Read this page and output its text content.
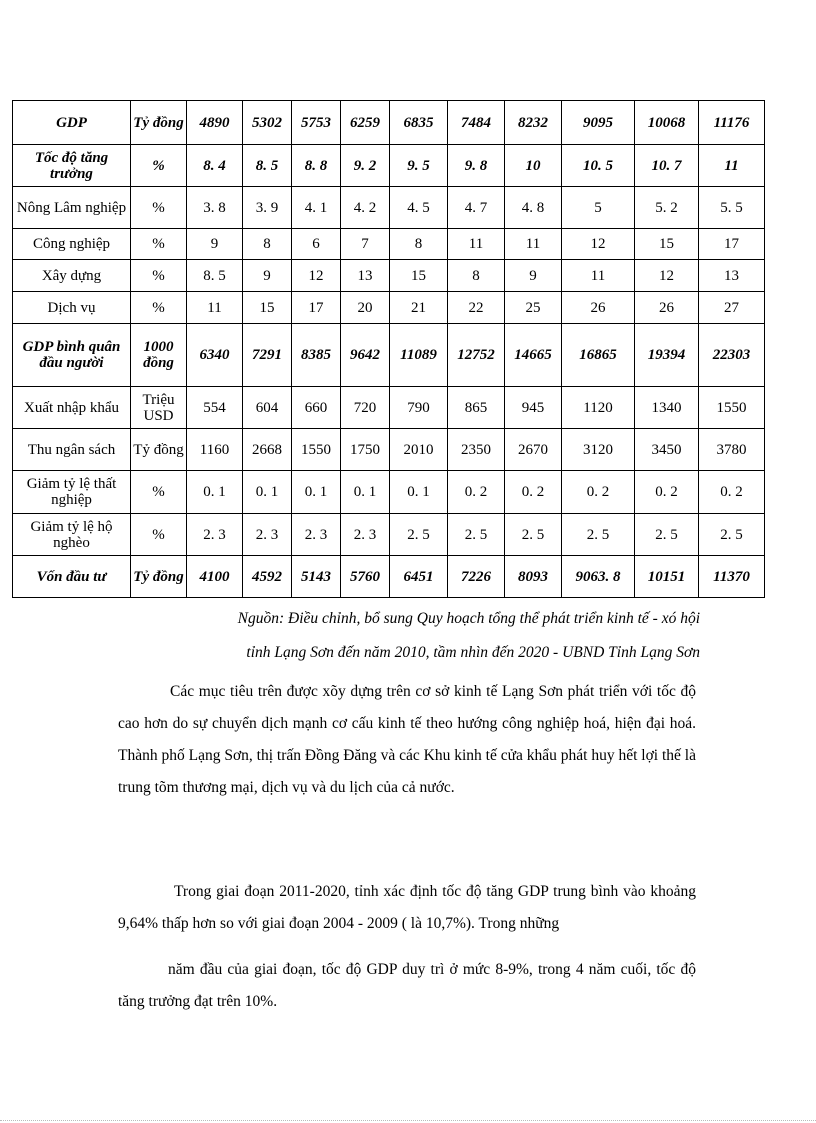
GDP	Tỷ đồng	4890	5302	5753	6259	6835	7484	8232	9095	10068	11176
Tốc độ tăng trưởng	%	8. 4	8. 5	8. 8	9. 2	9. 5	9. 8	10	10. 5	10. 7	11
Nông Lâm nghiệp	%	3. 8	3. 9	4. 1	4. 2	4. 5	4. 7	4. 8	5	5. 2	5. 5
Công nghiệp	%	9	8	6	7	8	11	11	12	15	17
Xây dựng	%	8. 5	9	12	13	15	8	9	11	12	13
Dịch vụ	%	11	15	17	20	21	22	25	26	26	27
GDP bình quân đầu người	1000 đồng	6340	7291	8385	9642	11089	12752	14665	16865	19394	22303
Xuất nhập khẩu	Triệu USD	554	604	660	720	790	865	945	1120	1340	1550
Thu ngân sách	Tỷ đồng	1160	2668	1550	1750	2010	2350	2670	3120	3450	3780
Giảm tỷ lệ thất nghiệp	%	0. 1	0. 1	0. 1	0. 1	0. 1	0. 2	0. 2	0. 2	0. 2	0. 2
Giảm tỷ lệ hộ nghèo	%	2. 3	2. 3	2. 3	2. 3	2. 5	2. 5	2. 5	2. 5	2. 5	2. 5
Vốn đầu tư	Tỷ đồng	4100	4592	5143	5760	6451	7226	8093	9063. 8	10151	11370
Nguồn: Điều chỉnh, bổ sung Quy hoạch tổng thể phát triển kinh tế - xó hội
tỉnh Lạng Sơn đến năm 2010, tầm nhìn đến 2020 - UBND Tỉnh Lạng Sơn

Các mục tiêu trên được xõy dựng trên cơ sở kinh tế Lạng Sơn phát triển với tốc độ cao hơn do sự chuyển dịch mạnh cơ cấu kinh tế theo hướng công nghiệp hoá, hiện đại hoá. Thành phố Lạng Sơn, thị trấn Đồng Đăng và các Khu kinh tế cửa khẩu phát huy hết lợi thế là trung tõm thương mại, dịch vụ và du lịch của cả nước.

Trong giai đoạn 2011-2020, tỉnh xác định tốc độ tăng GDP trung bình vào khoảng 9,64% thấp hơn so với giai đoạn 2004 - 2009 ( là 10,7%). Trong những

năm đầu của giai đoạn, tốc độ GDP duy trì ở mức 8-9%, trong 4 năm cuối, tốc độ tăng trưởng đạt trên 10%.
